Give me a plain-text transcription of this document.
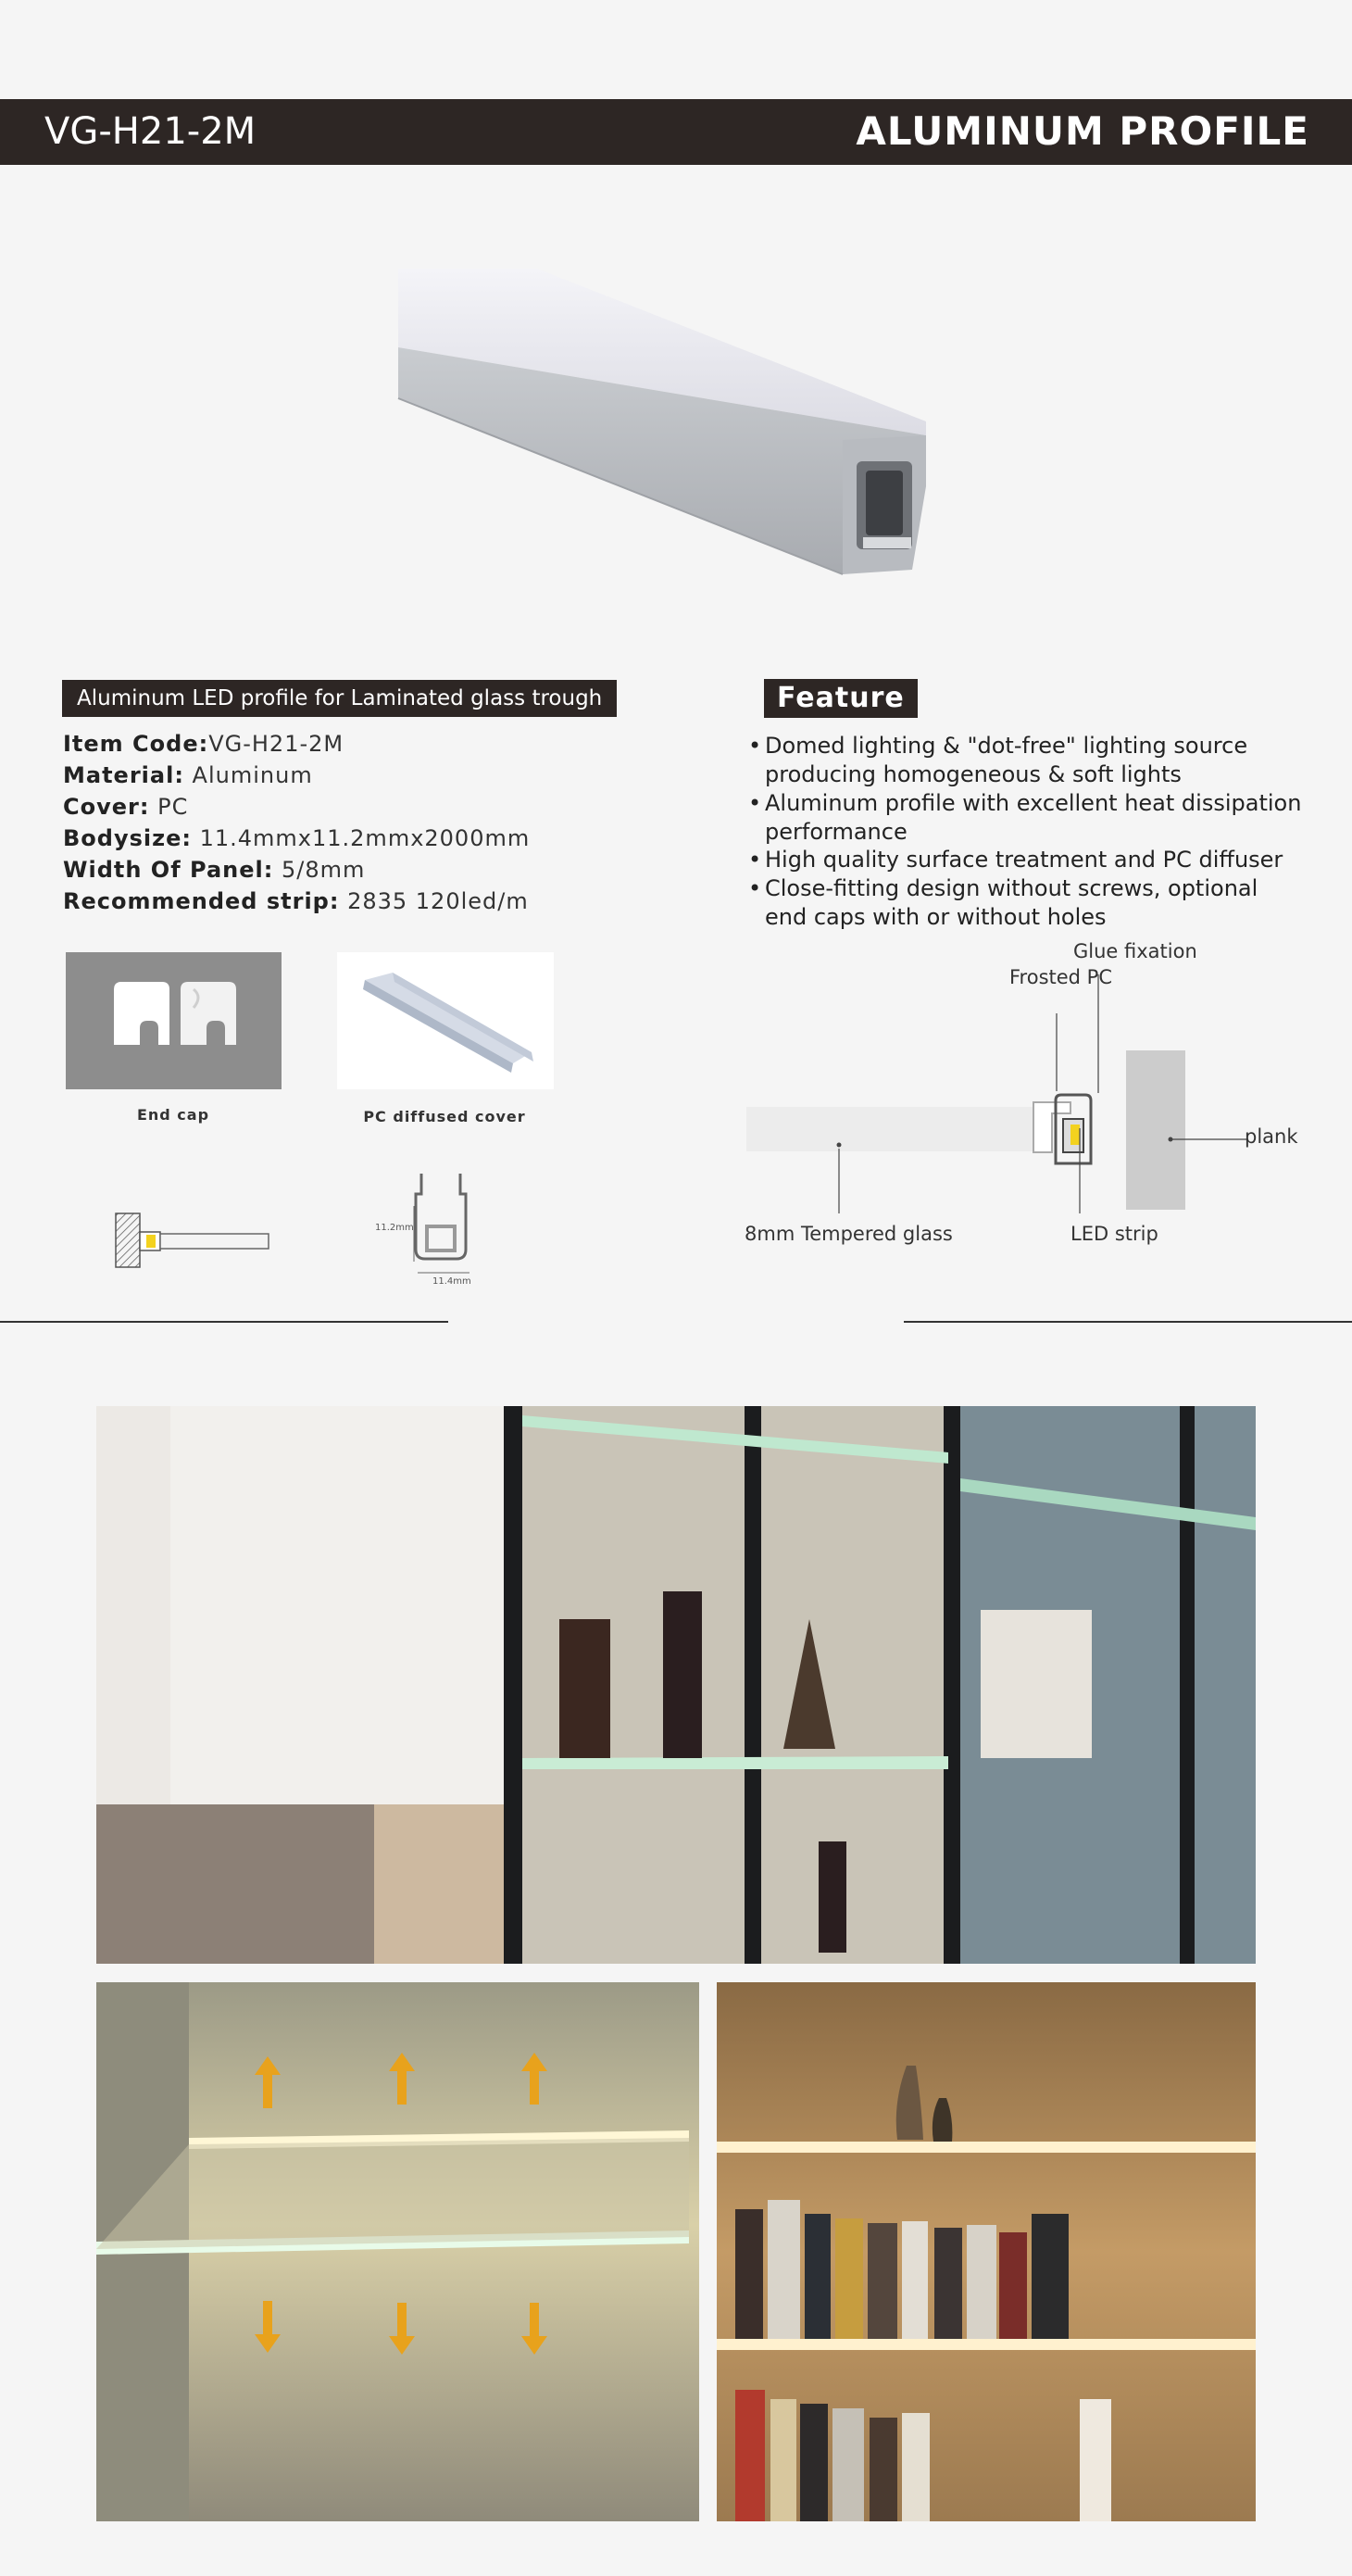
VG-H21-2M	ALUMINUM PROFILE
Aluminum LED profile for Laminated glass trough
Item Code:VG-H21-2M
Material: Aluminum
Cover: PC
Bodysize: 11.4mmx11.2mmx2000mm
Width Of Panel: 5/8mm
Recommended strip: 2835 120led/m
Feature
• Domed lighting & "dot-free" lighting source producing homogeneous & soft lights
• Aluminum profile with excellent heat dissipation performance
• High quality surface treatment and PC diffuser
• Close-fitting design without screws, optional end caps with or without holes
End cap	PC diffused cover
11.2mm
11.4mm
Glue fixation
Frosted PC
plank
8mm Tempered glass	LED strip
